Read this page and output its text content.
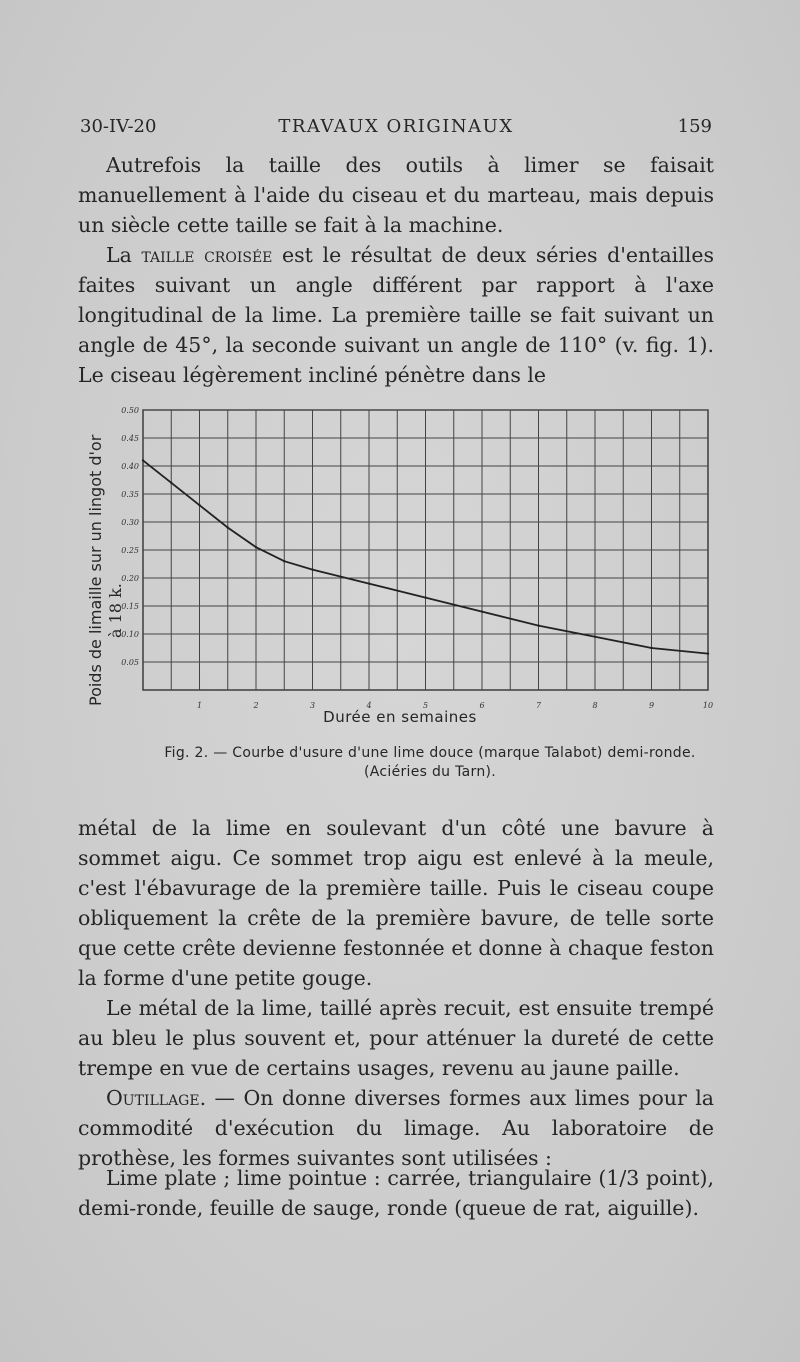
30-IV-20	TRAVAUX ORIGINAUX	159

Autrefois la taille des outils à limer se faisait manuellement à l'aide du ciseau et du marteau, mais depuis un siècle cette taille se fait à la machine.

La taille croisée est le résultat de deux séries d'entailles faites suivant un angle différent par rapport à l'axe longitudinal de la lime. La première taille se fait suivant un angle de 45°, la seconde suivant un angle de 110° (v. fig. 1). Le ciseau légèrement incliné pénètre dans le

Poids de limaille sur un lingot d'or à 18 k.
0.50
0.45
0.40
0.35
0.30
0.25
0.20
0.15
0.10
0.05
1	2	3	4	5	6	7	8	9	10
Durée en semaines
Fig. 2. — Courbe d'usure d'une lime douce (marque Talabot) demi-ronde.
(Aciéries du Tarn).

métal de la lime en soulevant d'un côté une bavure à sommet aigu. Ce sommet trop aigu est enlevé à la meule, c'est l'ébavurage de la première taille. Puis le ciseau coupe obliquement la crête de la première bavure, de telle sorte que cette crête devienne festonnée et donne à chaque feston la forme d'une petite gouge.

Le métal de la lime, taillé après recuit, est ensuite trempé au bleu le plus souvent et, pour atténuer la dureté de cette trempe en vue de certains usages, revenu au jaune paille.

Outillage. — On donne diverses formes aux limes pour la commodité d'exécution du limage. Au laboratoire de prothèse, les formes suivantes sont utilisées :

Lime plate ; lime pointue : carrée, triangulaire (1/3 point), demi-ronde, feuille de sauge, ronde (queue de rat, aiguille).
